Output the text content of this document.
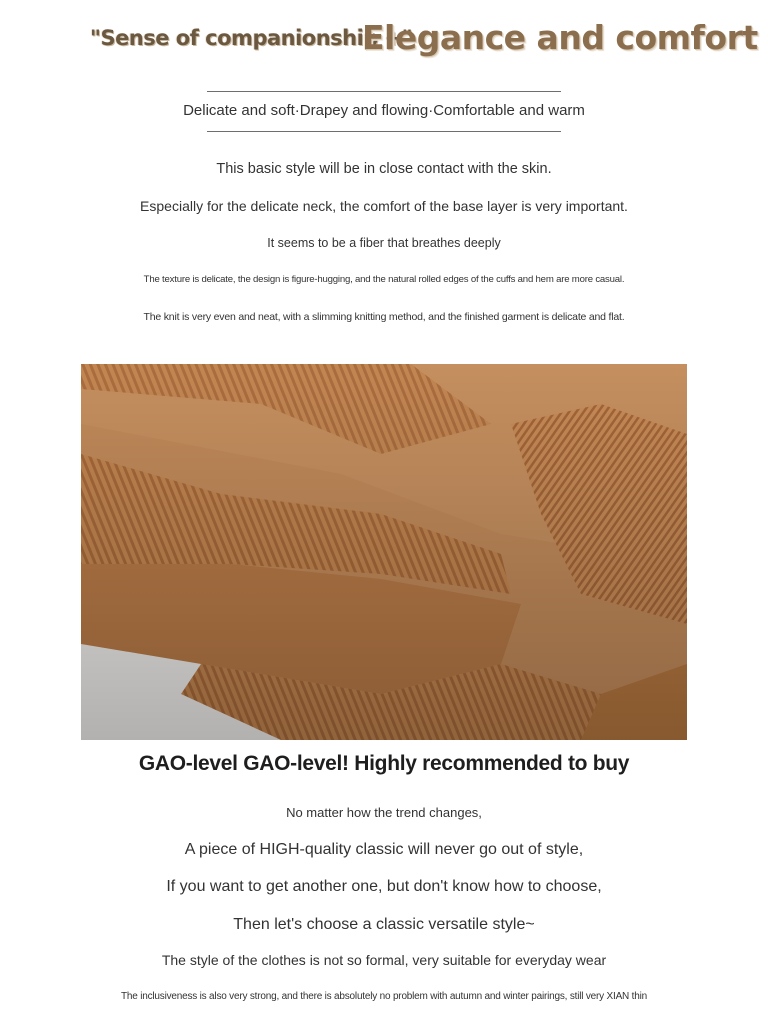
"Sense of companionship +"
Elegance and comfort
Delicate and soft·Drapey and flowing·Comfortable and warm
This basic style will be in close contact with the skin.
Especially for the delicate neck, the comfort of the base layer is very important.
It seems to be a fiber that breathes deeply
The texture is delicate, the design is figure-hugging, and the natural rolled edges of the cuffs and hem are more casual.
The knit is very even and neat, with a slimming knitting method, and the finished garment is delicate and flat.
GAO-level GAO-level! Highly recommended to buy
No matter how the trend changes,
A piece of HIGH-quality classic will never go out of style,
If you want to get another one, but don't know how to choose,
Then let's choose a classic versatile style~
The style of the clothes is not so formal, very suitable for everyday wear
The inclusiveness is also very strong, and there is absolutely no problem with autumn and winter pairings, still very XIAN thin
